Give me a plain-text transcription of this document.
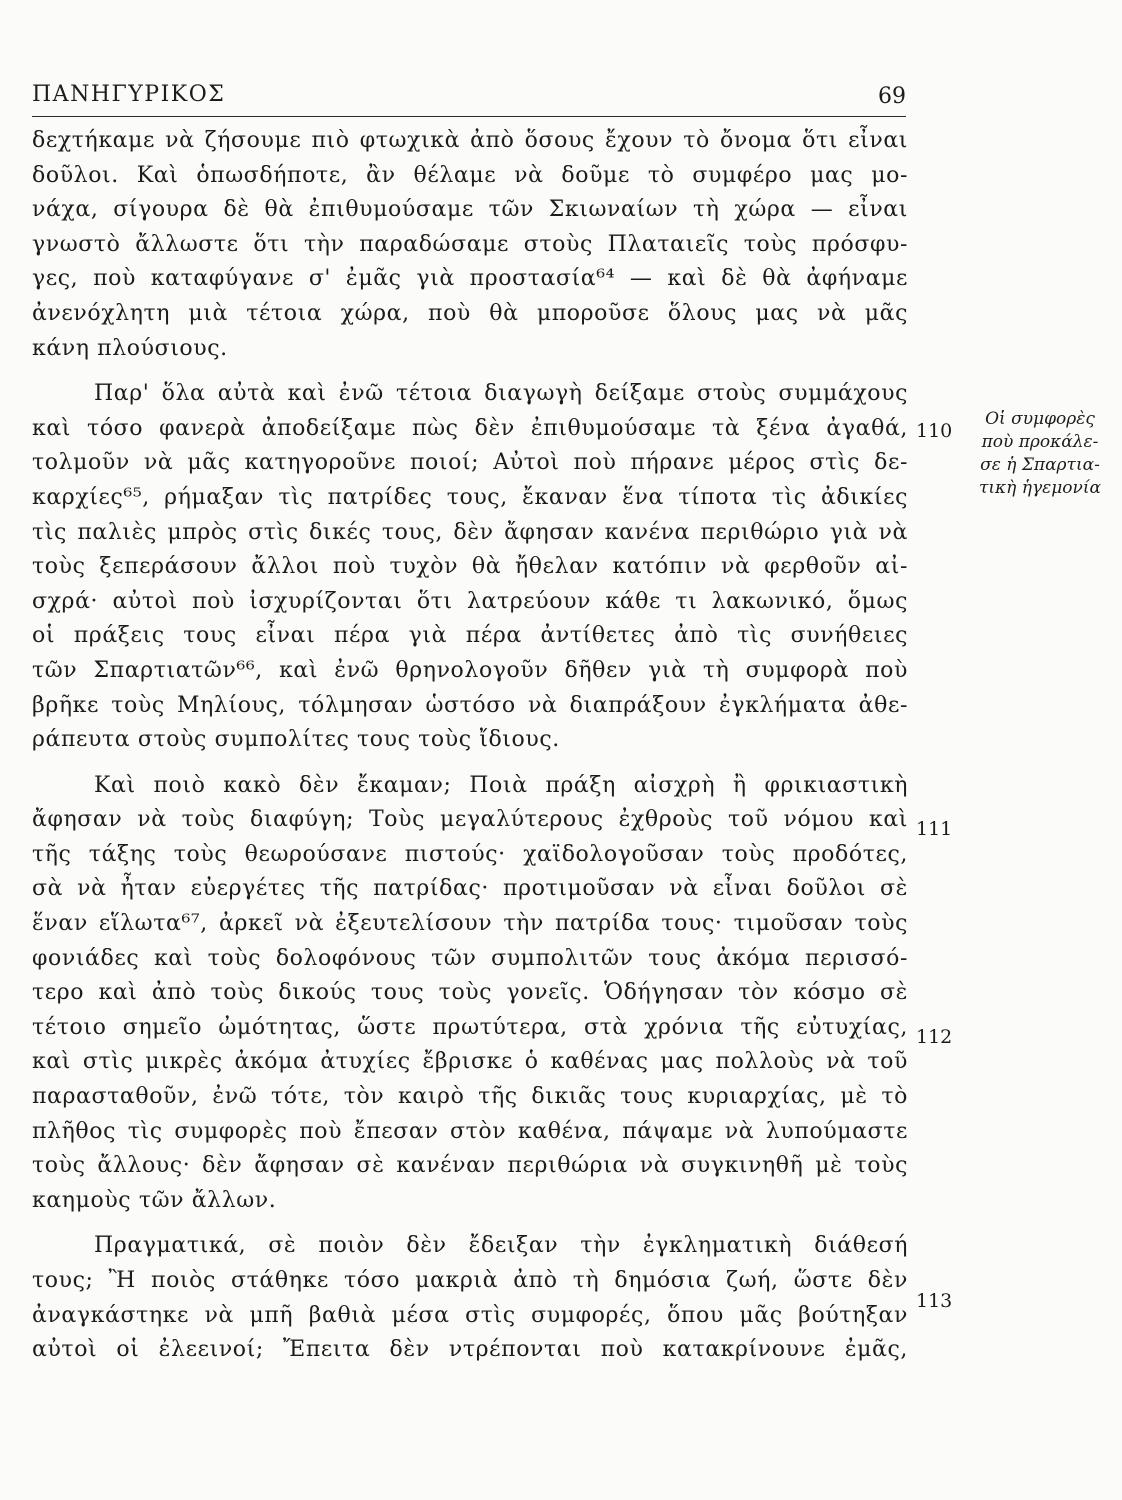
ΠΑΝΗΓΥΡΙΚΟΣ	69
δεχτήκαμε νὰ ζήσουμε πιὸ φτωχικὰ ἀπὸ ὅσους ἔχουν τὸ ὄνομα ὅτι εἶναι
δοῦλοι. Καὶ ὁπωσδήποτε, ἂν θέλαμε νὰ δοῦμε τὸ συμφέρο μας μο-
νάχα, σίγουρα δὲ θὰ ἐπιθυμούσαμε τῶν Σκιωναίων τὴ χώρα — εἶναι
γνωστὸ ἄλλωστε ὅτι τὴν παραδώσαμε στοὺς Πλαταιεῖς τοὺς πρόσφυ-
γες, ποὺ καταφύγανε σ' ἐμᾶς γιὰ προστασία⁶⁴ — καὶ δὲ θὰ ἀφήναμε
ἀνενόχλητη μιὰ τέτοια χώρα, ποὺ θὰ μποροῦσε ὅλους μας νὰ μᾶς
κάνη πλούσιους.
Παρ' ὅλα αὐτὰ καὶ ἐνῶ τέτοια διαγωγὴ δείξαμε στοὺς συμμάχους
καὶ τόσο φανερὰ ἀποδείξαμε πὼς δὲν ἐπιθυμούσαμε τὰ ξένα ἀγαθά,
τολμοῦν νὰ μᾶς κατηγοροῦνε ποιοί; Αὐτοὶ ποὺ πήρανε μέρος στὶς δε-
καρχίες⁶⁵, ρήμαξαν τὶς πατρίδες τους, ἔκαναν ἕνα τίποτα τὶς ἀδικίες
τὶς παλιὲς μπρὸς στὶς δικές τους, δὲν ἄφησαν κανένα περιθώριο γιὰ νὰ
τοὺς ξεπεράσουν ἄλλοι ποὺ τυχὸν θὰ ἤθελαν κατόπιν νὰ φερθοῦν αἰ-
σχρά· αὐτοὶ ποὺ ἰσχυρίζονται ὅτι λατρεύουν κάθε τι λακωνικό, ὅμως
οἱ πράξεις τους εἶναι πέρα γιὰ πέρα ἀντίθετες ἀπὸ τὶς συνήθειες
τῶν Σπαρτιατῶν⁶⁶, καὶ ἐνῶ θρηνολογοῦν δῆθεν γιὰ τὴ συμφορὰ ποὺ
βρῆκε τοὺς Μηλίους, τόλμησαν ὡστόσο νὰ διαπράξουν ἐγκλήματα ἀθε-
ράπευτα στοὺς συμπολίτες τους τοὺς ἴδιους.
Καὶ ποιὸ κακὸ δὲν ἔκαμαν; Ποιὰ πράξη αἰσχρὴ ἢ φρικιαστικὴ
ἄφησαν νὰ τοὺς διαφύγη; Τοὺς μεγαλύτερους ἐχθροὺς τοῦ νόμου καὶ
τῆς τάξης τοὺς θεωρούσανε πιστούς· χαϊδολογοῦσαν τοὺς προδότες,
σὰ νὰ ἦταν εὐεργέτες τῆς πατρίδας· προτιμοῦσαν νὰ εἶναι δοῦλοι σὲ
ἕναν εἵλωτα⁶⁷, ἀρκεῖ νὰ ἐξευτελίσουν τὴν πατρίδα τους· τιμοῦσαν τοὺς
φονιάδες καὶ τοὺς δολοφόνους τῶν συμπολιτῶν τους ἀκόμα περισσό-
τερο καὶ ἀπὸ τοὺς δικούς τους τοὺς γονεῖς. Ὁδήγησαν τὸν κόσμο σὲ
τέτοιο σημεῖο ὠμότητας, ὥστε πρωτύτερα, στὰ χρόνια τῆς εὐτυχίας,
καὶ στὶς μικρὲς ἀκόμα ἀτυχίες ἔβρισκε ὁ καθένας μας πολλοὺς νὰ τοῦ
παρασταθοῦν, ἐνῶ τότε, τὸν καιρὸ τῆς δικιᾶς τους κυριαρχίας, μὲ τὸ
πλῆθος τὶς συμφορὲς ποὺ ἔπεσαν στὸν καθένα, πάψαμε νὰ λυπούμαστε
τοὺς ἄλλους· δὲν ἄφησαν σὲ κανέναν περιθώρια νὰ συγκινηθῆ μὲ τοὺς
καημοὺς τῶν ἄλλων.
Πραγματικά, σὲ ποιὸν δὲν ἔδειξαν τὴν ἐγκληματικὴ διάθεσή
τους; Ἢ ποιὸς στάθηκε τόσο μακριὰ ἀπὸ τὴ δημόσια ζωή, ὥστε δὲν
ἀναγκάστηκε νὰ μπῆ βαθιὰ μέσα στὶς συμφορές, ὅπου μᾶς βούτηξαν
αὐτοὶ οἱ ἐλεεινοί; Ἔπειτα δὲν ντρέπονται ποὺ κατακρίνουνε ἐμᾶς,
110
111
112
113
Οἱ συμφορὲς
ποὺ προκάλε-
σε ἡ Σπαρτια-
τικὴ ἡγεμονία
